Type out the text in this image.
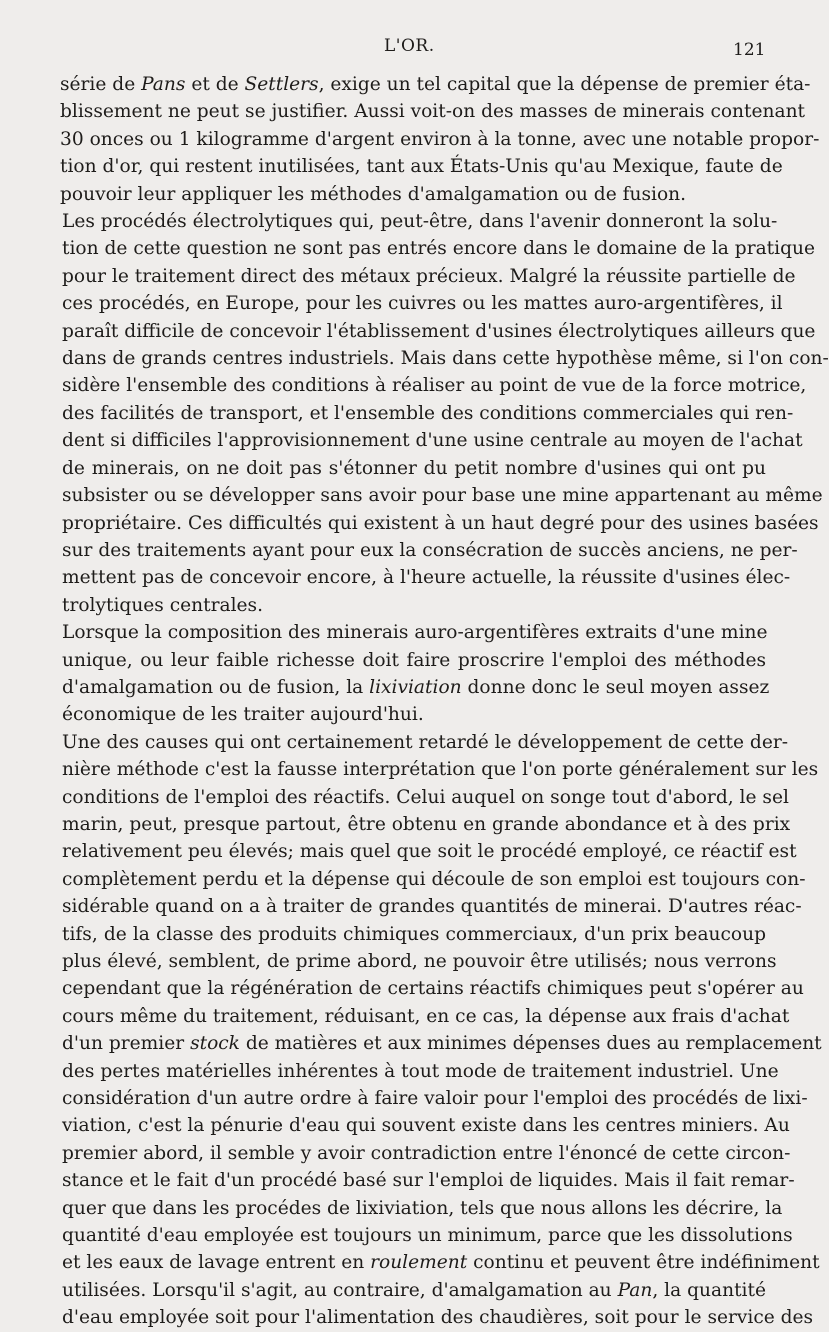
L'OR.	121

série de Pans et de Settlers, exige un tel capital que la dépense de premier éta-
blissement ne peut se justifier. Aussi voit-on des masses de minerais contenant
30 onces ou 1 kilogramme d'argent environ à la tonne, avec une notable propor-
tion d'or, qui restent inutilisées, tant aux États-Unis qu'au Mexique, faute de
pouvoir leur appliquer les méthodes d'amalgamation ou de fusion.

Les procédés électrolytiques qui, peut-être, dans l'avenir donneront la solu-
tion de cette question ne sont pas entrés encore dans le domaine de la pratique
pour le traitement direct des métaux précieux. Malgré la réussite partielle de
ces procédés, en Europe, pour les cuivres ou les mattes auro-argentifères, il
paraît difficile de concevoir l'établissement d'usines électrolytiques ailleurs que
dans de grands centres industriels. Mais dans cette hypothèse même, si l'on con-
sidère l'ensemble des conditions à réaliser au point de vue de la force motrice,
des facilités de transport, et l'ensemble des conditions commerciales qui ren-
dent si difficiles l'approvisionnement d'une usine centrale au moyen de l'achat
de minerais, on ne doit pas s'étonner du petit nombre d'usines qui ont pu
subsister ou se développer sans avoir pour base une mine appartenant au même
propriétaire. Ces difficultés qui existent à un haut degré pour des usines basées
sur des traitements ayant pour eux la consécration de succès anciens, ne per-
mettent pas de concevoir encore, à l'heure actuelle, la réussite d'usines élec-
trolytiques centrales.

Lorsque la composition des minerais auro-argentifères extraits d'une mine
unique, ou leur faible richesse doit faire proscrire l'emploi des méthodes
d'amalgamation ou de fusion, la lixiviation donne donc le seul moyen assez
économique de les traiter aujourd'hui.

Une des causes qui ont certainement retardé le développement de cette der-
nière méthode c'est la fausse interprétation que l'on porte généralement sur les
conditions de l'emploi des réactifs. Celui auquel on songe tout d'abord, le sel
marin, peut, presque partout, être obtenu en grande abondance et à des prix
relativement peu élevés; mais quel que soit le procédé employé, ce réactif est
complètement perdu et la dépense qui découle de son emploi est toujours con-
sidérable quand on a à traiter de grandes quantités de minerai. D'autres réac-
tifs, de la classe des produits chimiques commerciaux, d'un prix beaucoup
plus élevé, semblent, de prime abord, ne pouvoir être utilisés; nous verrons
cependant que la régénération de certains réactifs chimiques peut s'opérer au
cours même du traitement, réduisant, en ce cas, la dépense aux frais d'achat
d'un premier stock de matières et aux minimes dépenses dues au remplacement
des pertes matérielles inhérentes à tout mode de traitement industriel. Une
considération d'un autre ordre à faire valoir pour l'emploi des procédés de lixi-
viation, c'est la pénurie d'eau qui souvent existe dans les centres miniers. Au
premier abord, il semble y avoir contradiction entre l'énoncé de cette circon-
stance et le fait d'un procédé basé sur l'emploi de liquides. Mais il fait remar-
quer que dans les procédes de lixiviation, tels que nous allons les décrire, la
quantité d'eau employée est toujours un minimum, parce que les dissolutions
et les eaux de lavage entrent en roulement continu et peuvent être indéfiniment
utilisées. Lorsqu'il s'agit, au contraire, d'amalgamation au Pan, la quantité
d'eau employée soit pour l'alimentation des chaudières, soit pour le service des
